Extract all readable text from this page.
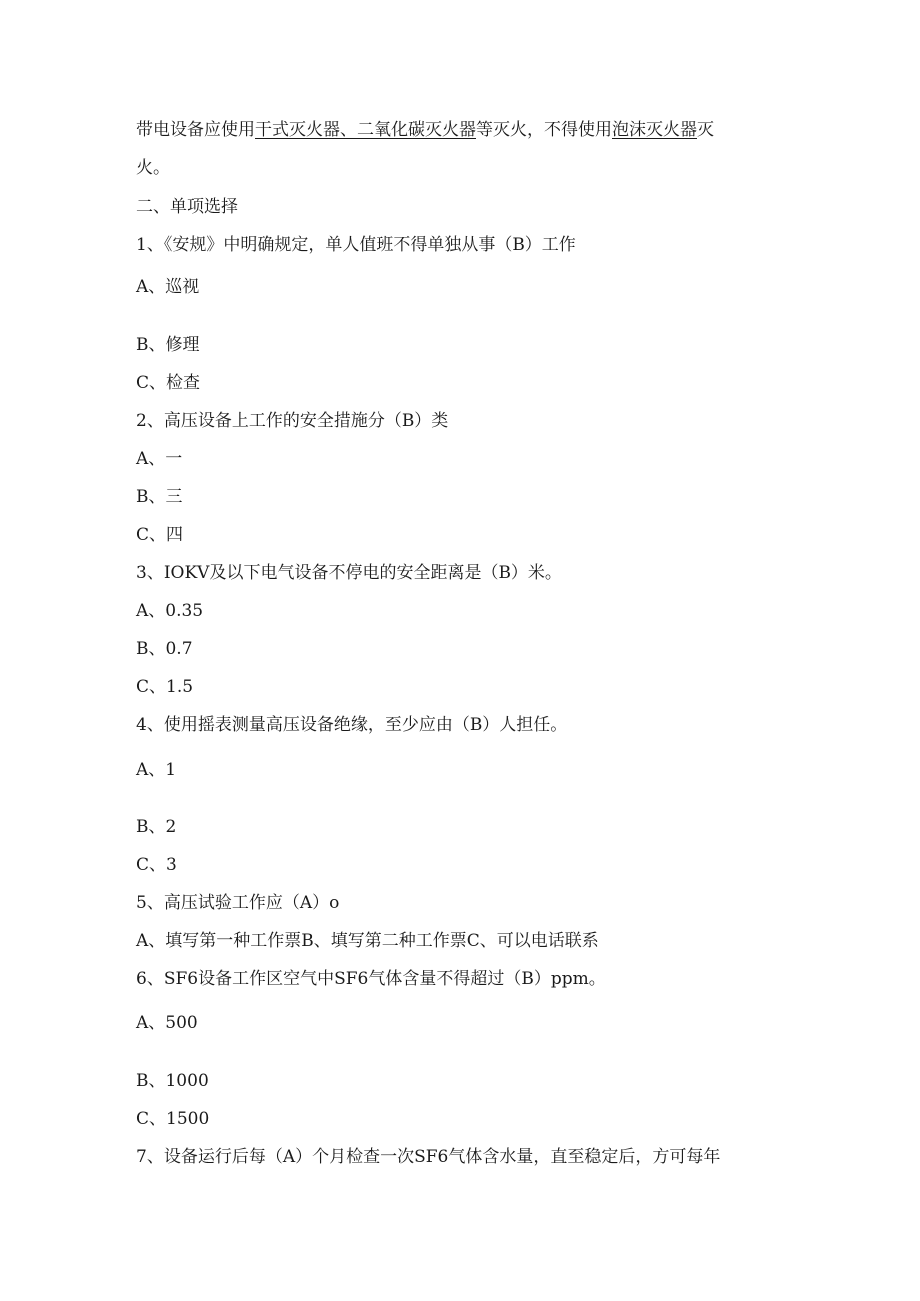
带电设备应使用干式灭火器、二氧化碳灭火器等灭火，不得使用泡沫灭火器灭
火。
二、单项选择
1、《安规》中明确规定，单人值班不得单独从事（B）工作
A、巡视
B、修理
C、检查
2、高压设备上工作的安全措施分（B）类
A、一
B、三
C、四
3、IOKV及以下电气设备不停电的安全距离是（B）米。
A、0.35
B、0.7
C、1.5
4、使用摇表测量高压设备绝缘，至少应由（B）人担任。
A、1
B、2
C、3
5、高压试验工作应（A）o
A、填写第一种工作票B、填写第二种工作票C、可以电话联系
6、SF6设备工作区空气中SF6气体含量不得超过（B）ppm。
A、500
B、1000
C、1500
7、设备运行后每（A）个月检查一次SF6气体含水量，直至稳定后，方可每年
